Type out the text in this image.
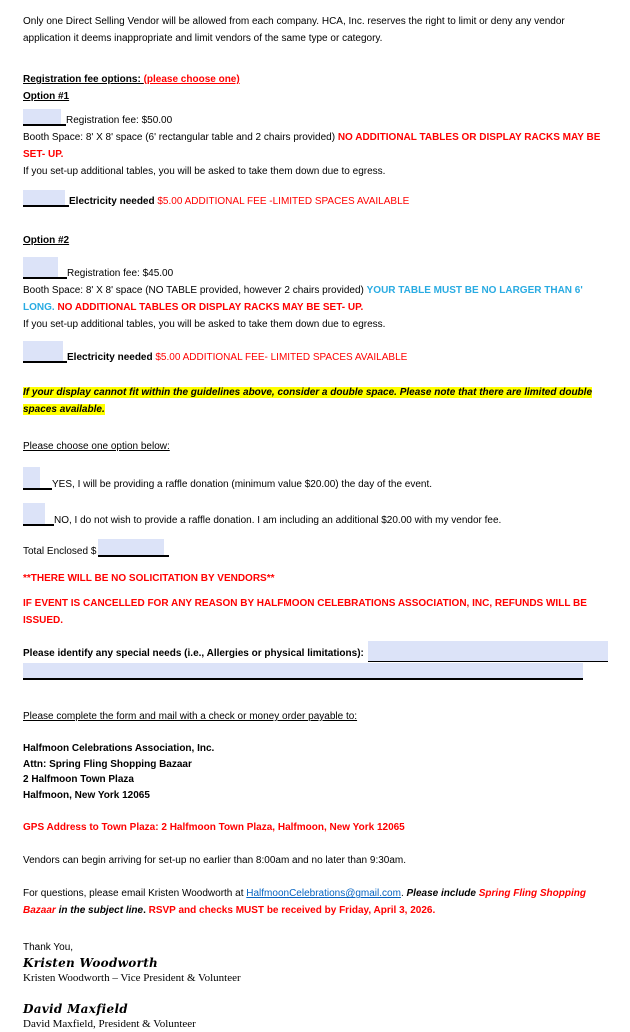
Only one Direct Selling Vendor will be allowed from each company. HCA, Inc. reserves the right to limit or deny any vendor application it deems inappropriate and limit vendors of the same type or category.

Registration fee options: (please choose one)

Option #1

Registration fee: $50.00

Booth Space: 8' X 8' space (6' rectangular table and 2 chairs provided) NO ADDITIONAL TABLES OR DISPLAY RACKS MAY BE SET- UP.

If you set-up additional tables, you will be asked to take them down due to egress.

Electricity needed $5.00 ADDITIONAL FEE -LIMITED SPACES AVAILABLE

Option #2

Registration fee: $45.00

Booth Space: 8' X 8' space (NO TABLE provided, however 2 chairs provided) YOUR TABLE MUST BE NO LARGER THAN 6' LONG. NO ADDITIONAL TABLES OR DISPLAY RACKS MAY BE SET- UP.

If you set-up additional tables, you will be asked to take them down due to egress.

Electricity needed $5.00 ADDITIONAL FEE- LIMITED SPACES AVAILABLE

If your display cannot fit within the guidelines above, consider a double space. Please note that there are limited double
spaces available.

Please choose one option below:

YES, I will be providing a raffle donation (minimum value $20.00) the day of the event.

NO, I do not wish to provide a raffle donation. I am including an additional $20.00 with my vendor fee.

Total Enclosed $

**THERE WILL BE NO SOLICITATION BY VENDORS**

IF EVENT IS CANCELLED FOR ANY REASON BY HALFMOON CELEBRATIONS ASSOCIATION, INC, REFUNDS WILL BE ISSUED.

Please identify any special needs (i.e., Allergies or physical limitations):

Please complete the form and mail with a check or money order payable to:

Halfmoon Celebrations Association, Inc.

Attn: Spring Fling Shopping Bazaar

2 Halfmoon Town Plaza

Halfmoon, New York 12065

GPS Address to Town Plaza: 2 Halfmoon Town Plaza, Halfmoon, New York 12065

Vendors can begin arriving for set-up no earlier than 8:00am and no later than 9:30am.

For questions, please email Kristen Woodworth at HalfmoonCelebrations@gmail.com. Please include Spring Fling Shopping Bazaar in the subject line. RSVP and checks MUST be received by Friday, April 3, 2026.

Thank You,

Kristen Woodworth

Kristen Woodworth – Vice President & Volunteer

David Maxfield

David Maxfield, President & Volunteer
